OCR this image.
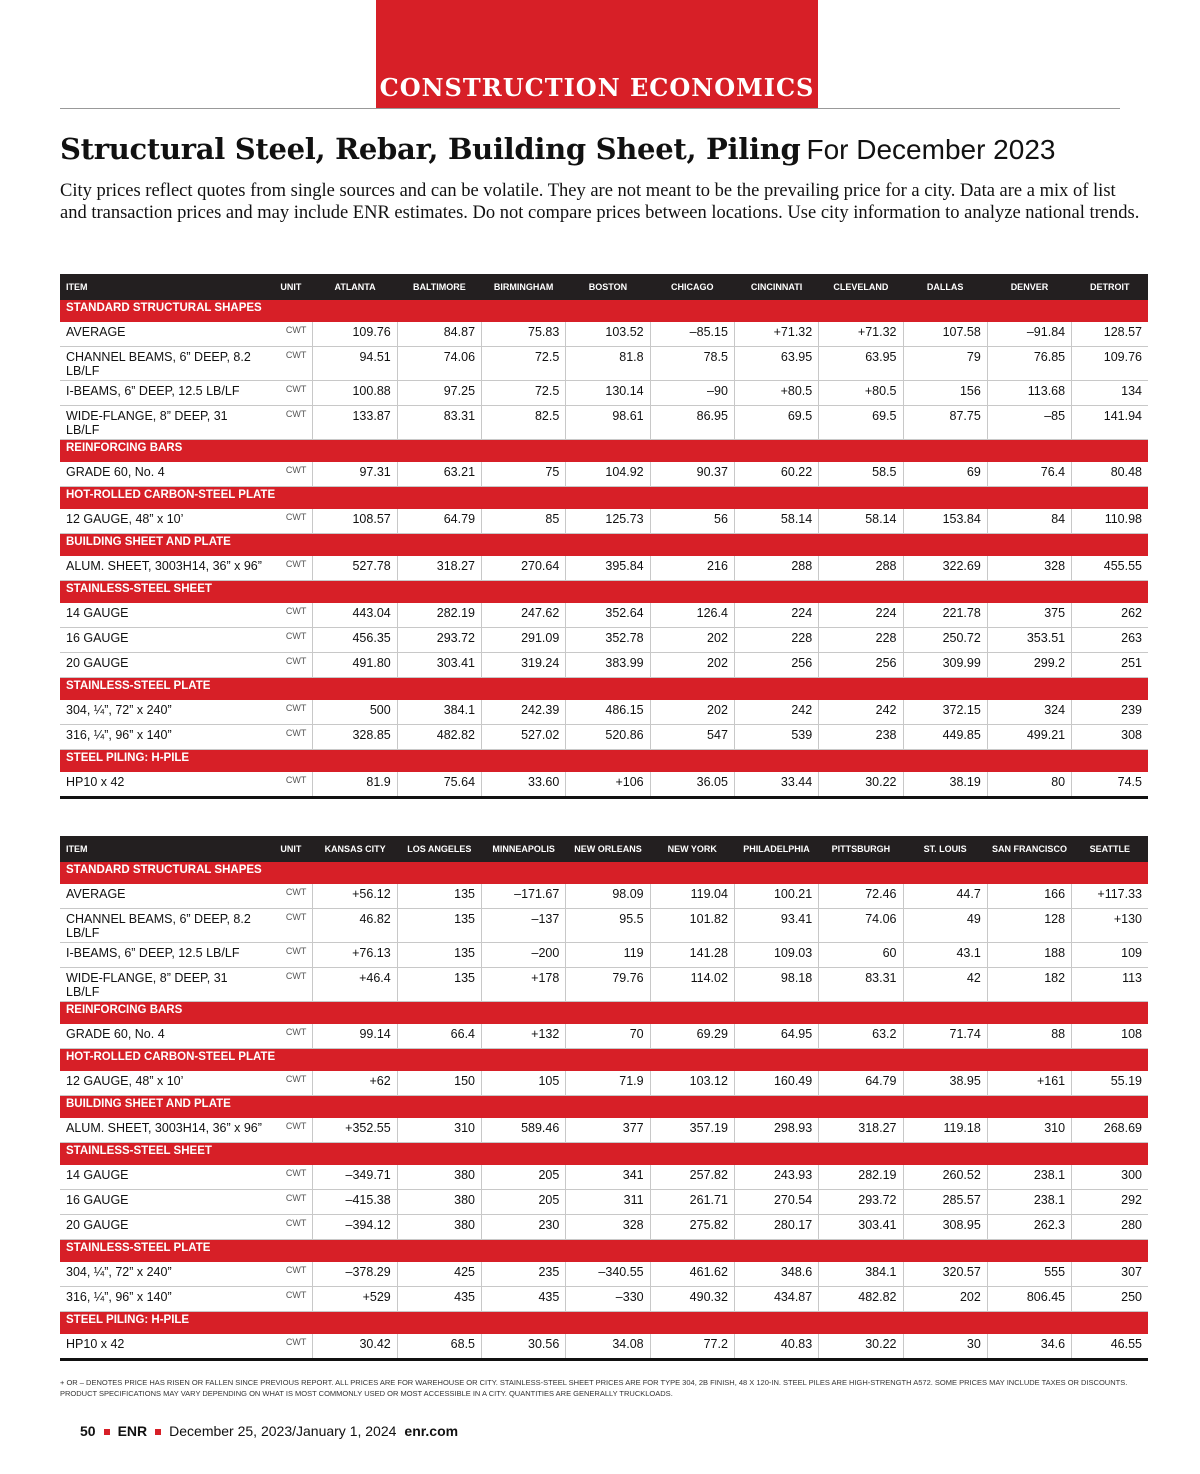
CONSTRUCTION ECONOMICS
Structural Steel, Rebar, Building Sheet, Piling For December 2023

City prices reflect quotes from single sources and can be volatile. They are not meant to be the prevailing price for a city. Data are a mix of list and transaction prices and may include ENR estimates. Do not compare prices between locations. Use city information to analyze national trends.

ITEM	UNIT	ATLANTA	BALTIMORE	BIRMINGHAM	BOSTON	CHICAGO	CINCINNATI	CLEVELAND	DALLAS	DENVER	DETROIT
STANDARD STRUCTURAL SHAPES											
AVERAGE	CWT	109.76	84.87	75.83	103.52	–85.15	+71.32	+71.32	107.58	–91.84	128.57
CHANNEL BEAMS, 6” DEEP, 8.2 LB/LF	CWT	94.51	74.06	72.5	81.8	78.5	63.95	63.95	79	76.85	109.76
I-BEAMS, 6” DEEP, 12.5 LB/LF	CWT	100.88	97.25	72.5	130.14	–90	+80.5	+80.5	156	113.68	134
WIDE-FLANGE, 8” DEEP, 31 LB/LF	CWT	133.87	83.31	82.5	98.61	86.95	69.5	69.5	87.75	–85	141.94
REINFORCING BARS											
GRADE 60, No. 4	CWT	97.31	63.21	75	104.92	90.37	60.22	58.5	69	76.4	80.48
HOT-ROLLED CARBON-STEEL PLATE											
12 GAUGE, 48” x 10’	CWT	108.57	64.79	85	125.73	56	58.14	58.14	153.84	84	110.98
BUILDING SHEET AND PLATE											
ALUM. SHEET, 3003H14, 36” x 96”	CWT	527.78	318.27	270.64	395.84	216	288	288	322.69	328	455.55
STAINLESS-STEEL SHEET											
14 GAUGE	CWT	443.04	282.19	247.62	352.64	126.4	224	224	221.78	375	262
16 GAUGE	CWT	456.35	293.72	291.09	352.78	202	228	228	250.72	353.51	263
20 GAUGE	CWT	491.80	303.41	319.24	383.99	202	256	256	309.99	299.2	251
STAINLESS-STEEL PLATE											
304, ¼”, 72” x 240”	CWT	500	384.1	242.39	486.15	202	242	242	372.15	324	239
316, ¼”, 96” x 140”	CWT	328.85	482.82	527.02	520.86	547	539	238	449.85	499.21	308
STEEL PILING: H-PILE											
HP10 x 42	CWT	81.9	75.64	33.60	+106	36.05	33.44	30.22	38.19	80	74.5
ITEM	UNIT	KANSAS CITY	LOS ANGELES	MINNEAPOLIS	NEW ORLEANS	NEW YORK	PHILADELPHIA	PITTSBURGH	ST. LOUIS	SAN FRANCISCO	SEATTLE
STANDARD STRUCTURAL SHAPES											
AVERAGE	CWT	+56.12	135	–171.67	98.09	119.04	100.21	72.46	44.7	166	+117.33
CHANNEL BEAMS, 6” DEEP, 8.2 LB/LF	CWT	46.82	135	–137	95.5	101.82	93.41	74.06	49	128	+130
I-BEAMS, 6” DEEP, 12.5 LB/LF	CWT	+76.13	135	–200	119	141.28	109.03	60	43.1	188	109
WIDE-FLANGE, 8” DEEP, 31 LB/LF	CWT	+46.4	135	+178	79.76	114.02	98.18	83.31	42	182	113
REINFORCING BARS											
GRADE 60, No. 4	CWT	99.14	66.4	+132	70	69.29	64.95	63.2	71.74	88	108
HOT-ROLLED CARBON-STEEL PLATE											
12 GAUGE, 48” x 10’	CWT	+62	150	105	71.9	103.12	160.49	64.79	38.95	+161	55.19
BUILDING SHEET AND PLATE											
ALUM. SHEET, 3003H14, 36” x 96”	CWT	+352.55	310	589.46	377	357.19	298.93	318.27	119.18	310	268.69
STAINLESS-STEEL SHEET											
14 GAUGE	CWT	–349.71	380	205	341	257.82	243.93	282.19	260.52	238.1	300
16 GAUGE	CWT	–415.38	380	205	311	261.71	270.54	293.72	285.57	238.1	292
20 GAUGE	CWT	–394.12	380	230	328	275.82	280.17	303.41	308.95	262.3	280
STAINLESS-STEEL PLATE											
304, ¼”, 72” x 240”	CWT	–378.29	425	235	–340.55	461.62	348.6	384.1	320.57	555	307
316, ¼”, 96” x 140”	CWT	+529	435	435	–330	490.32	434.87	482.82	202	806.45	250
STEEL PILING: H-PILE											
HP10 x 42	CWT	30.42	68.5	30.56	34.08	77.2	40.83	30.22	30	34.6	46.55

+ OR – DENOTES PRICE HAS RISEN OR FALLEN SINCE PREVIOUS REPORT. ALL PRICES ARE FOR WAREHOUSE OR CITY. STAINLESS-STEEL SHEET PRICES ARE FOR TYPE 304, 2B FINISH, 48 X 120-IN. STEEL PILES ARE HIGH-STRENGTH A572. SOME PRICES MAY INCLUDE TAXES OR DISCOUNTS. PRODUCT SPECIFICATIONS MAY VARY DEPENDING ON WHAT IS MOST COMMONLY USED OR MOST ACCESSIBLE IN A CITY. QUANTITIES ARE GENERALLY TRUCKLOADS.

50 ENR December 25, 2023/January 1, 2024 enr.com
